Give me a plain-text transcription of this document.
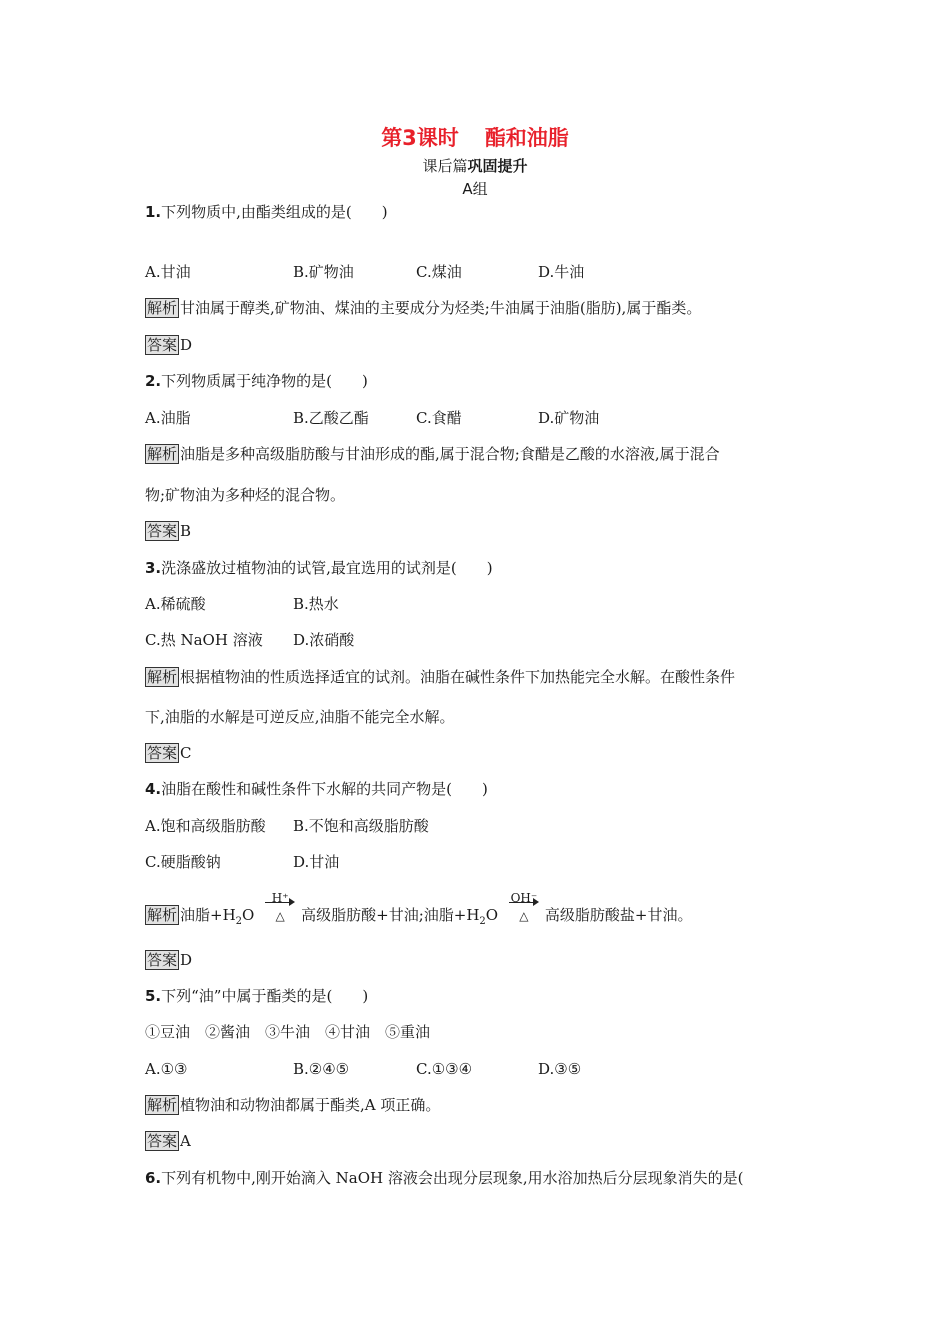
第3课时 酯和油脂
课后篇巩固提升
A组
1.下列物质中,由酯类组成的是(　　)
A.甘油	B.矿物油	C.煤油	D.牛油
解析 甘油属于醇类,矿物油、煤油的主要成分为烃类;牛油属于油脂(脂肪),属于酯类。
答案 D
2.下列物质属于纯净物的是(　　)
A.油脂	B.乙酸乙酯	C.食醋	D.矿物油
解析 油脂是多种高级脂肪酸与甘油形成的酯,属于混合物;食醋是乙酸的水溶液,属于混合
物;矿物油为多种烃的混合物。
答案 B
3.洗涤盛放过植物油的试管,最宜选用的试剂是(　　)
A.稀硫酸	B.热水
C.热 NaOH 溶液 D.浓硝酸
解析 根据植物油的性质选择适宜的试剂。油脂在碱性条件下加热能完全水解。在酸性条件
下,油脂的水解是可逆反应,油脂不能完全水解。
答案 C
4.油脂在酸性和碱性条件下水解的共同产物是(　　)
A.饱和高级脂肪酸 B.不饱和高级脂肪酸
C.硬脂酸钠	D.甘油
解析 油脂$+H_2O$
H⁺
△	高级脂肪酸+甘油;油脂$+H_2O$
OH⁻
△	高级脂肪酸盐+甘油。
答案 D
5.下列“油”中属于酯类的是(　　)
①豆油　②酱油　③牛油　④甘油　⑤重油
A.①③	B.②④⑤	C.①③④	D.③⑤
解析 植物油和动物油都属于酯类,A 项正确。
答案 A
6.下列有机物中,刚开始滴入 NaOH 溶液会出现分层现象,用水浴加热后分层现象消失的是(
